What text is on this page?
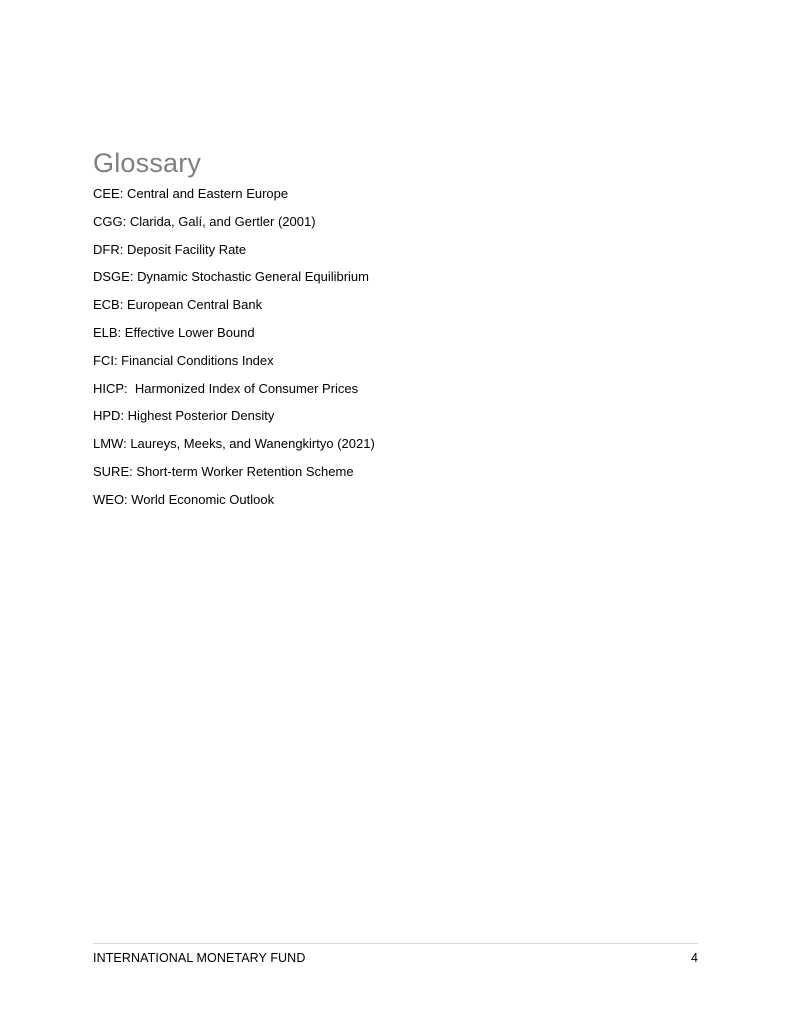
Glossary
CEE: Central and Eastern Europe
CGG: Clarida, Galí, and Gertler (2001)
DFR: Deposit Facility Rate
DSGE: Dynamic Stochastic General Equilibrium
ECB: European Central Bank
ELB: Effective Lower Bound
FCI: Financial Conditions Index
HICP:  Harmonized Index of Consumer Prices
HPD: Highest Posterior Density
LMW: Laureys, Meeks, and Wanengkirtyo (2021)
SURE: Short-term Worker Retention Scheme
WEO: World Economic Outlook
INTERNATIONAL MONETARY FUND	4
